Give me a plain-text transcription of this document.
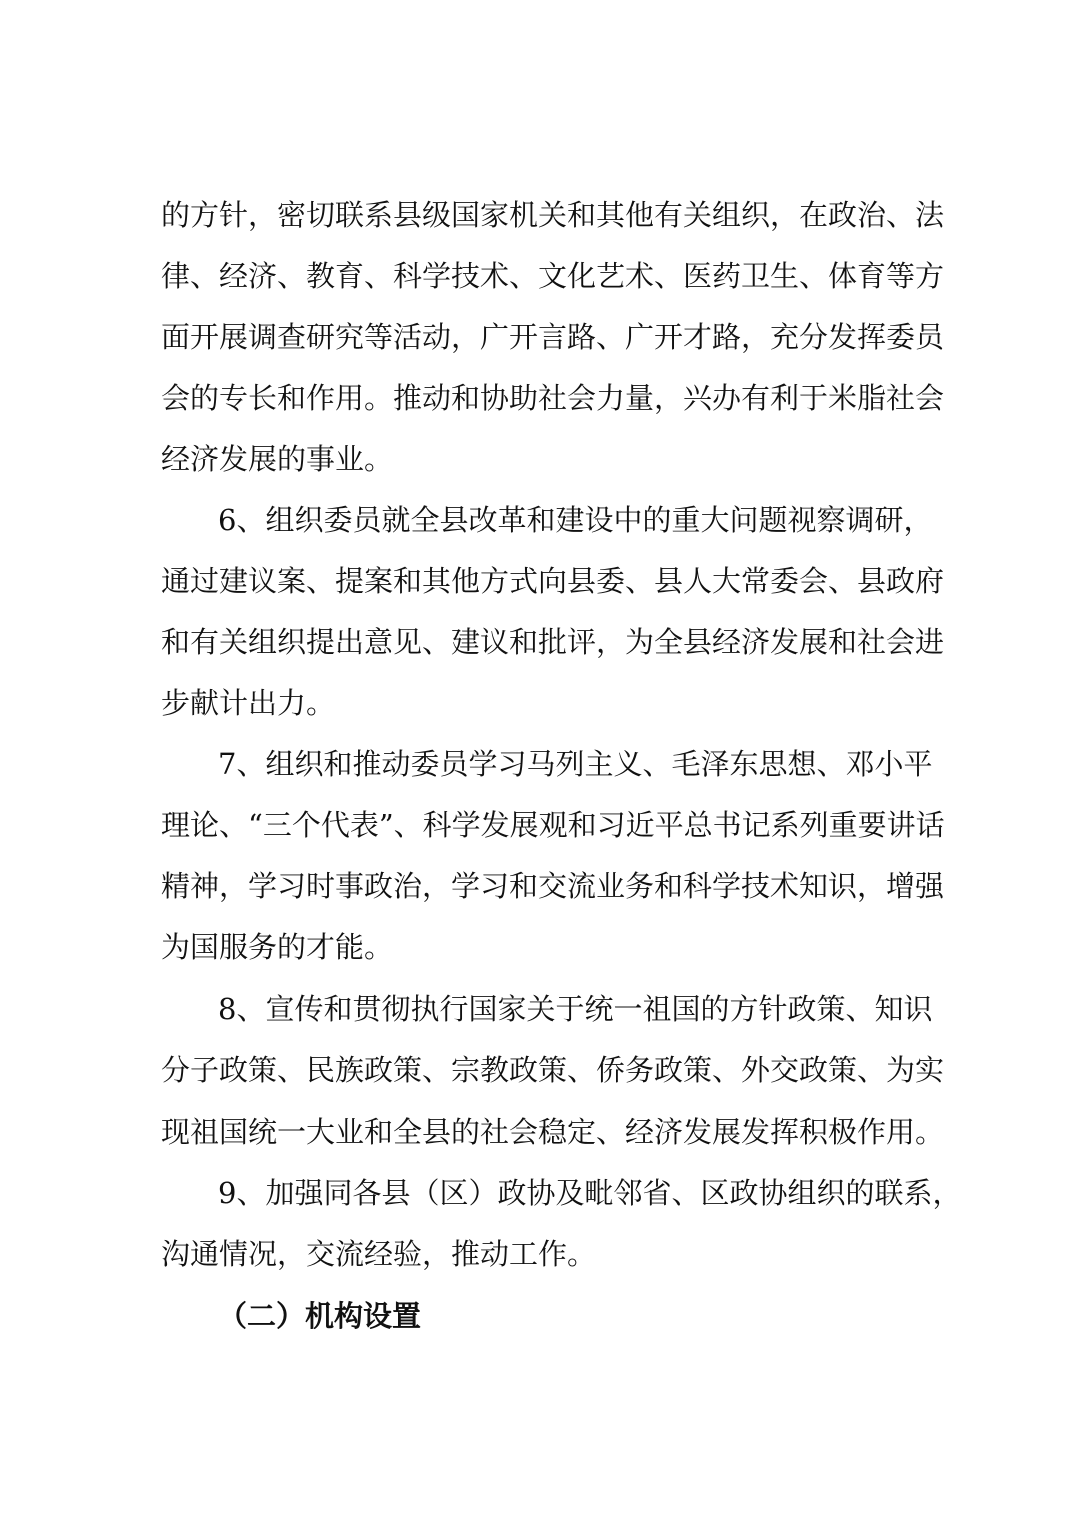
的方针，密切联系县级国家机关和其他有关组织，在政治、法
律、经济、教育、科学技术、文化艺术、医药卫生、体育等方
面开展调查研究等活动，广开言路、广开才路，充分发挥委员
会的专长和作用。推动和协助社会力量，兴办有利于米脂社会
经济发展的事业。
6、组织委员就全县改革和建设中的重大问题视察调研，
通过建议案、提案和其他方式向县委、县人大常委会、县政府
和有关组织提出意见、建议和批评，为全县经济发展和社会进
步献计出力。
7、组织和推动委员学习马列主义、毛泽东思想、邓小平
理论、“三个代表”、科学发展观和习近平总书记系列重要讲话
精神，学习时事政治，学习和交流业务和科学技术知识，增强
为国服务的才能。
8、宣传和贯彻执行国家关于统一祖国的方针政策、知识
分子政策、民族政策、宗教政策、侨务政策、外交政策、为实
现祖国统一大业和全县的社会稳定、经济发展发挥积极作用。
9、加强同各县（区）政协及毗邻省、区政协组织的联系，
沟通情况，交流经验，推动工作。
（二）机构设置
